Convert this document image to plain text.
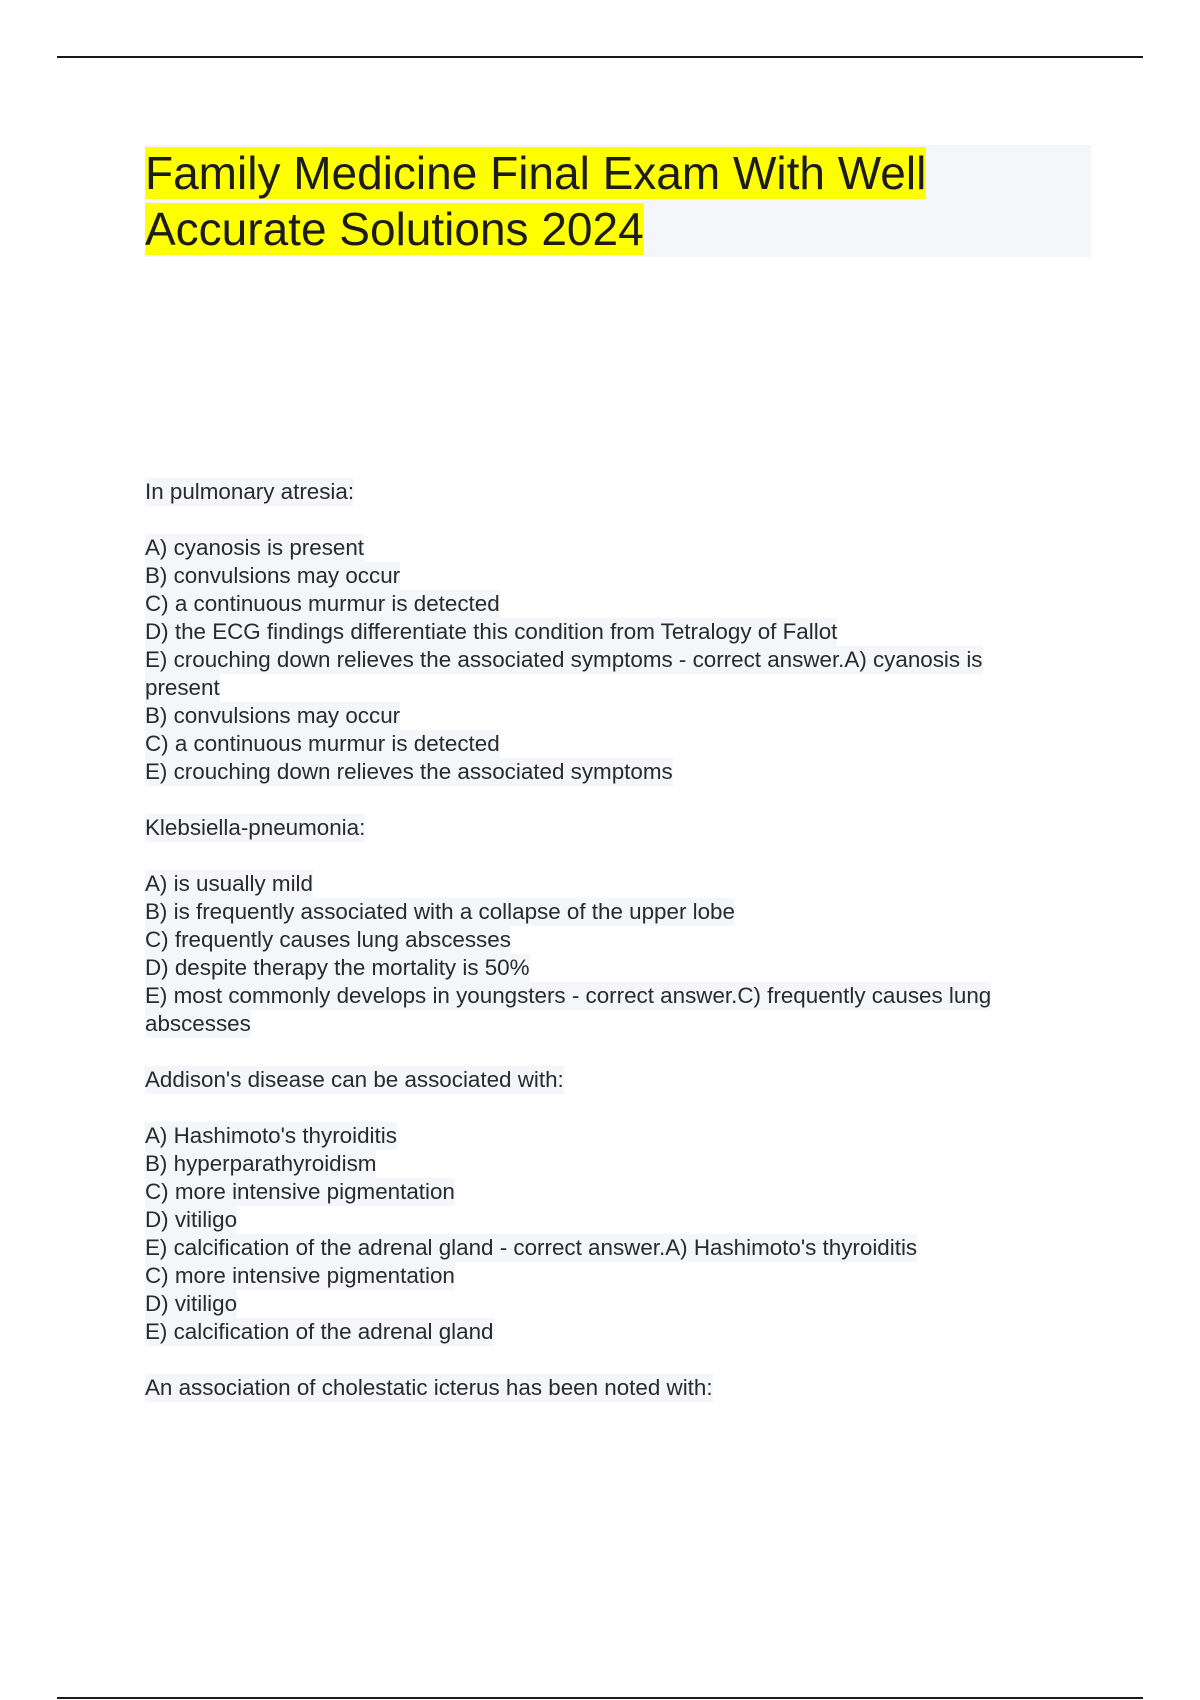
Family Medicine Final Exam With Well
Accurate Solutions 2024
In pulmonary atresia:
A) cyanosis is present
B) convulsions may occur
C) a continuous murmur is detected
D) the ECG findings differentiate this condition from Tetralogy of Fallot
E) crouching down relieves the associated symptoms - correct answer.A) cyanosis is
present
B) convulsions may occur
C) a continuous murmur is detected
E) crouching down relieves the associated symptoms
Klebsiella-pneumonia:
A) is usually mild
B) is frequently associated with a collapse of the upper lobe
C) frequently causes lung abscesses
D) despite therapy the mortality is 50%
E) most commonly develops in youngsters - correct answer.C) frequently causes lung
abscesses
Addison's disease can be associated with:
A) Hashimoto's thyroiditis
B) hyperparathyroidism
C) more intensive pigmentation
D) vitiligo
E) calcification of the adrenal gland - correct answer.A) Hashimoto's thyroiditis
C) more intensive pigmentation
D) vitiligo
E) calcification of the adrenal gland
An association of cholestatic icterus has been noted with:
